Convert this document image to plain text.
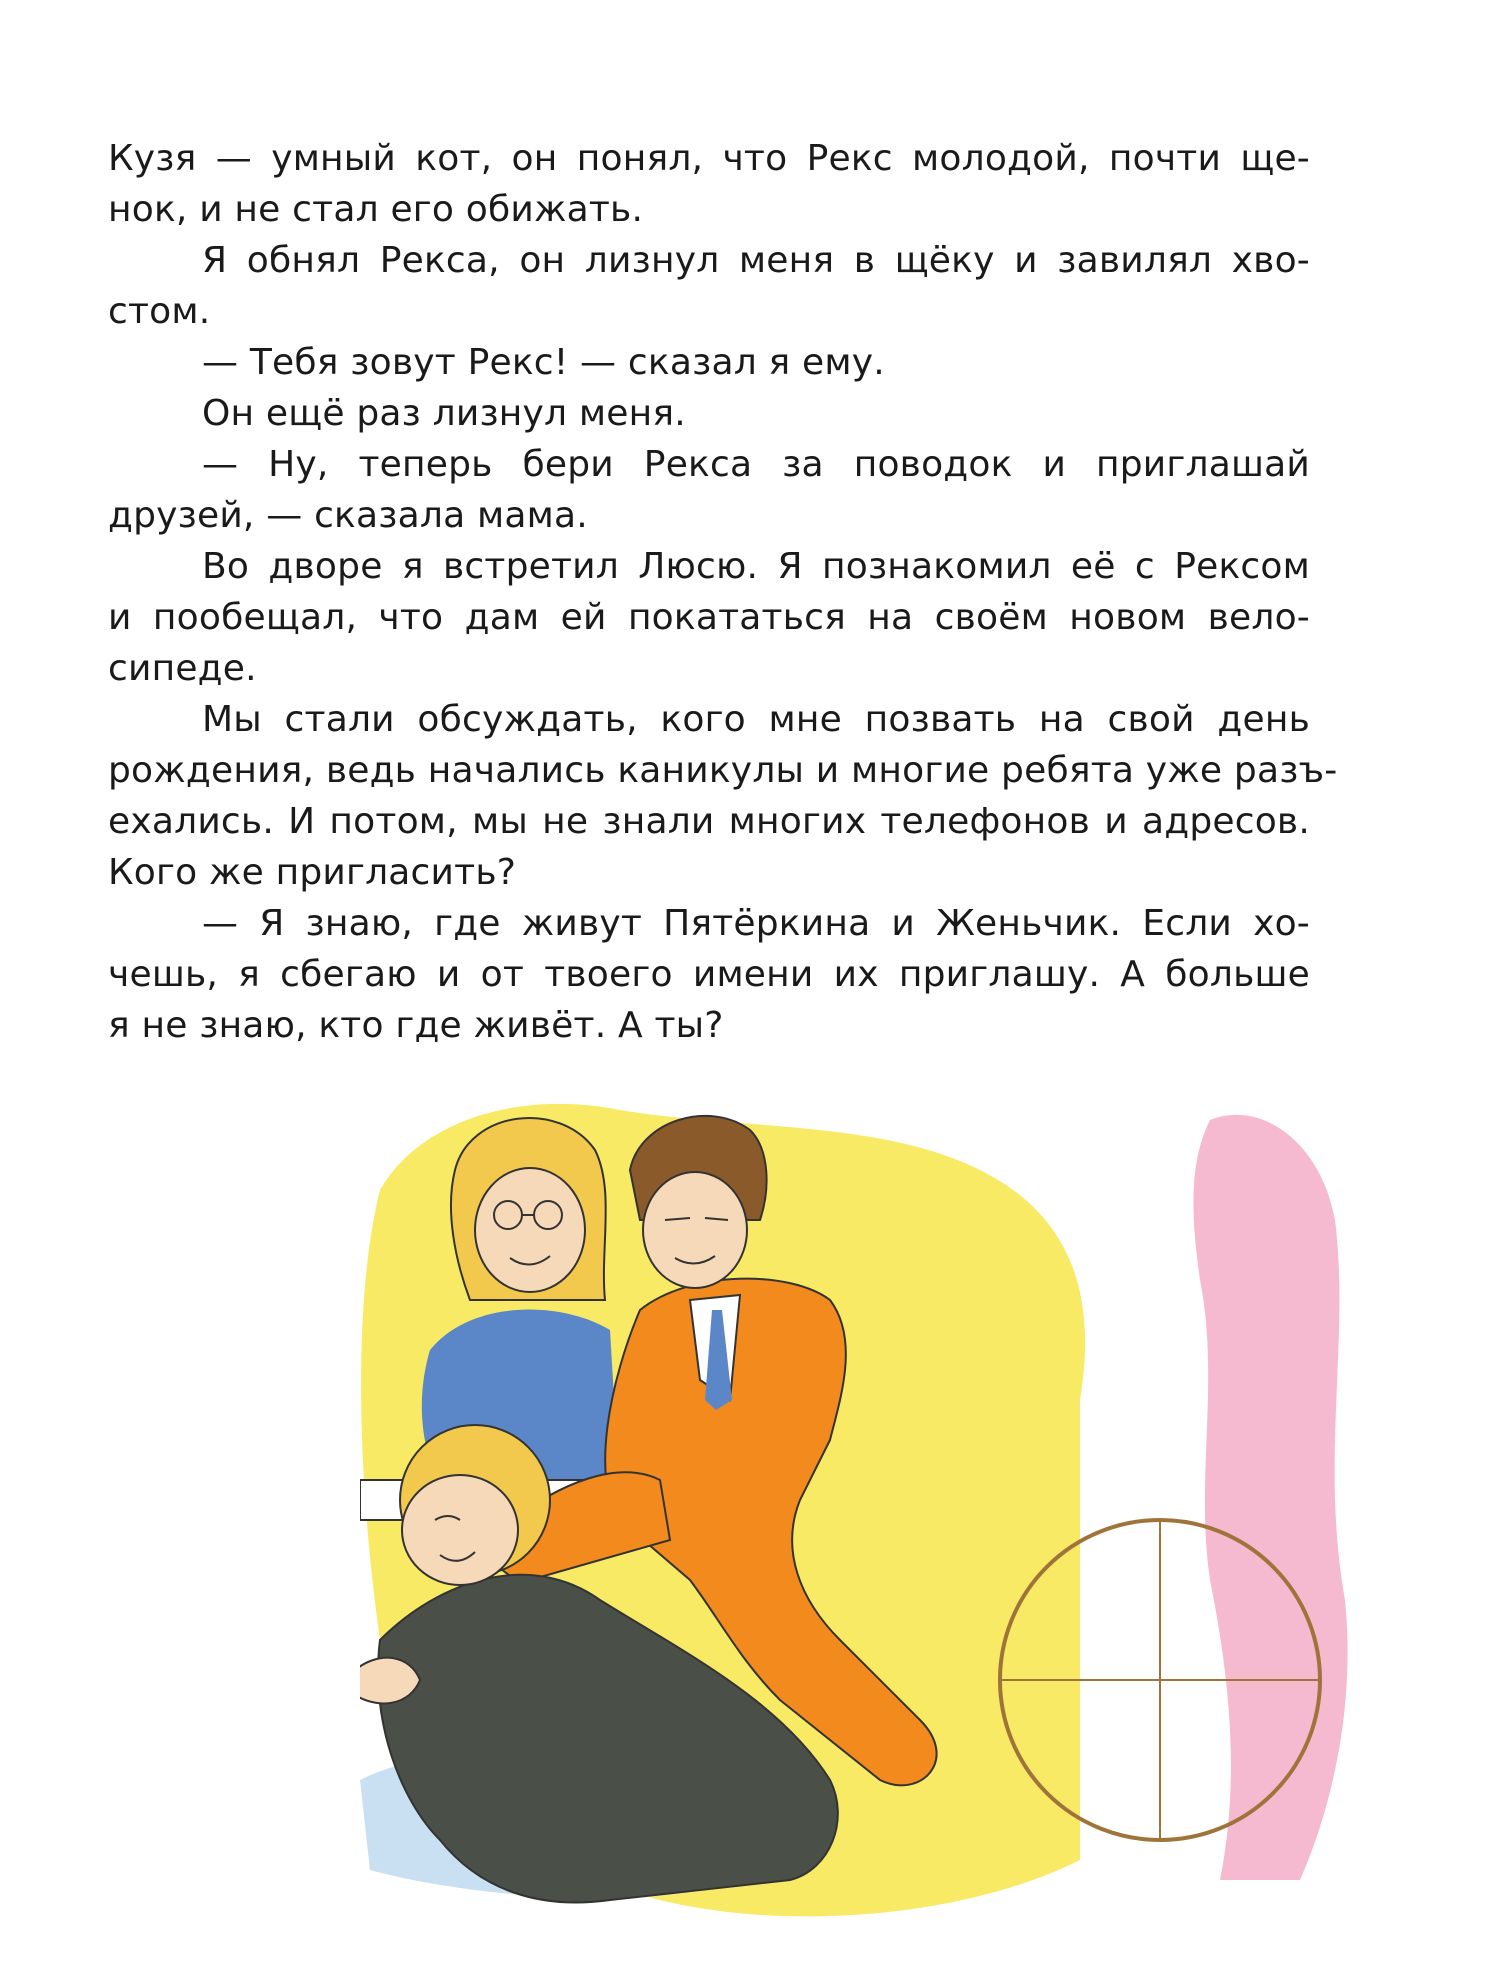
Кузя — умный кот, он понял, что Рекс молодой, почти ще-
нок, и не стал его обижать.
Я обнял Рекса, он лизнул меня в щёку и завилял хво-
стом.
— Тебя зовут Рекс! — сказал я ему.
Он ещё раз лизнул меня.
— Ну, теперь бери Рекса за поводок и приглашай
друзей, — сказала мама.
Во дворе я встретил Люсю. Я познакомил её с Рексом
и пообещал, что дам ей покататься на своём новом вело-
сипеде.
Мы стали обсуждать, кого мне позвать на свой день
рождения, ведь начались каникулы и многие ребята уже разъ-
ехались. И потом, мы не знали многих телефонов и адресов.
Кого же пригласить?
— Я знаю, где живут Пятёркина и Женьчик. Если хо-
чешь, я сбегаю и от твоего имени их приглашу. А больше
я не знаю, кто где живёт. А ты?
